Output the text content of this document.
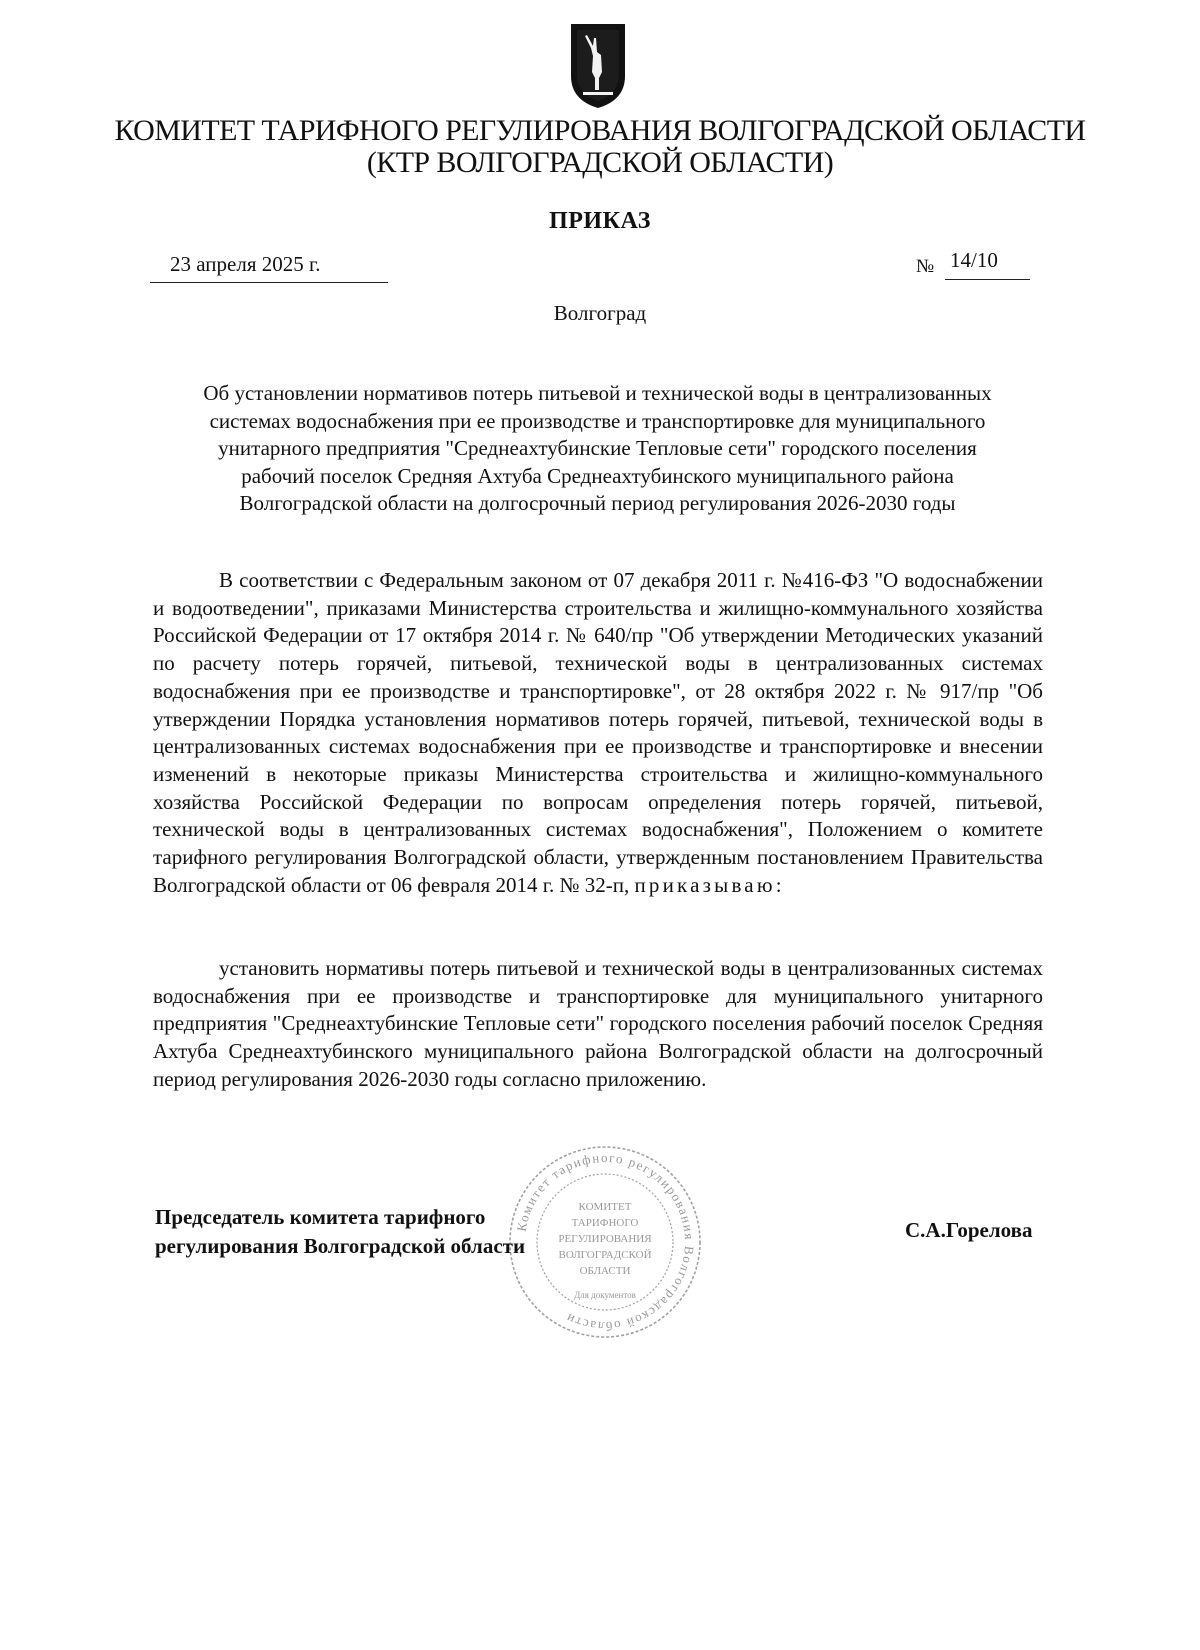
КОМИТЕТ ТАРИФНОГО РЕГУЛИРОВАНИЯ ВОЛГОГРАДСКОЙ ОБЛАСТИ
(КТР ВОЛГОГРАДСКОЙ ОБЛАСТИ)
ПРИКАЗ
23 апреля 2025 г.	№ 14/10
Волгоград
Об установлении нормативов потерь питьевой и технической воды в централизованных
системах водоснабжения при ее производстве и транспортировке для муниципального
унитарного предприятия "Среднеахтубинские Тепловые сети" городского поселения
рабочий поселок Средняя Ахтуба Среднеахтубинского муниципального района
Волгоградской области на долгосрочный период регулирования 2026-2030 годы
В соответствии с Федеральным законом от 07 декабря 2011 г. №416-ФЗ "О водоснабжении и водоотведении", приказами Министерства строительства и жилищно-коммунального хозяйства Российской Федерации от 17 октября 2014 г. № 640/пр "Об утверждении Методических указаний по расчету потерь горячей, питьевой, технической воды в централизованных системах водоснабжения при ее производстве и транспортировке", от 28 октября 2022 г. № 917/пр "Об утверждении Порядка установления нормативов потерь горячей, питьевой, технической воды в централизованных системах водоснабжения при ее производстве и транспортировке и внесении изменений в некоторые приказы Министерства строительства и жилищно-коммунального хозяйства Российской Федерации по вопросам определения потерь горячей, питьевой, технической воды в централизованных системах водоснабжения", Положением о комитете тарифного регулирования Волгоградской области, утвержденным постановлением Правительства Волгоградской области от 06 февраля 2014 г. № 32-п, приказываю:
установить нормативы потерь питьевой и технической воды в централизованных системах водоснабжения при ее производстве и транспортировке для муниципального унитарного предприятия "Среднеахтубинские Тепловые сети" городского поселения рабочий поселок Средняя Ахтуба Среднеахтубинского муниципального района Волгоградской области на долгосрочный период регулирования 2026-2030 годы согласно приложению.
Председатель комитета тарифного
регулирования Волгоградской области
С.А.Горелова
Комитет тарифного регулирования Волгоградской области
КОМИТЕТ
ТАРИФНОГО
РЕГУЛИРОВАНИЯ
ВОЛГОГРАДСКОЙ
ОБЛАСТИ
Для документов
